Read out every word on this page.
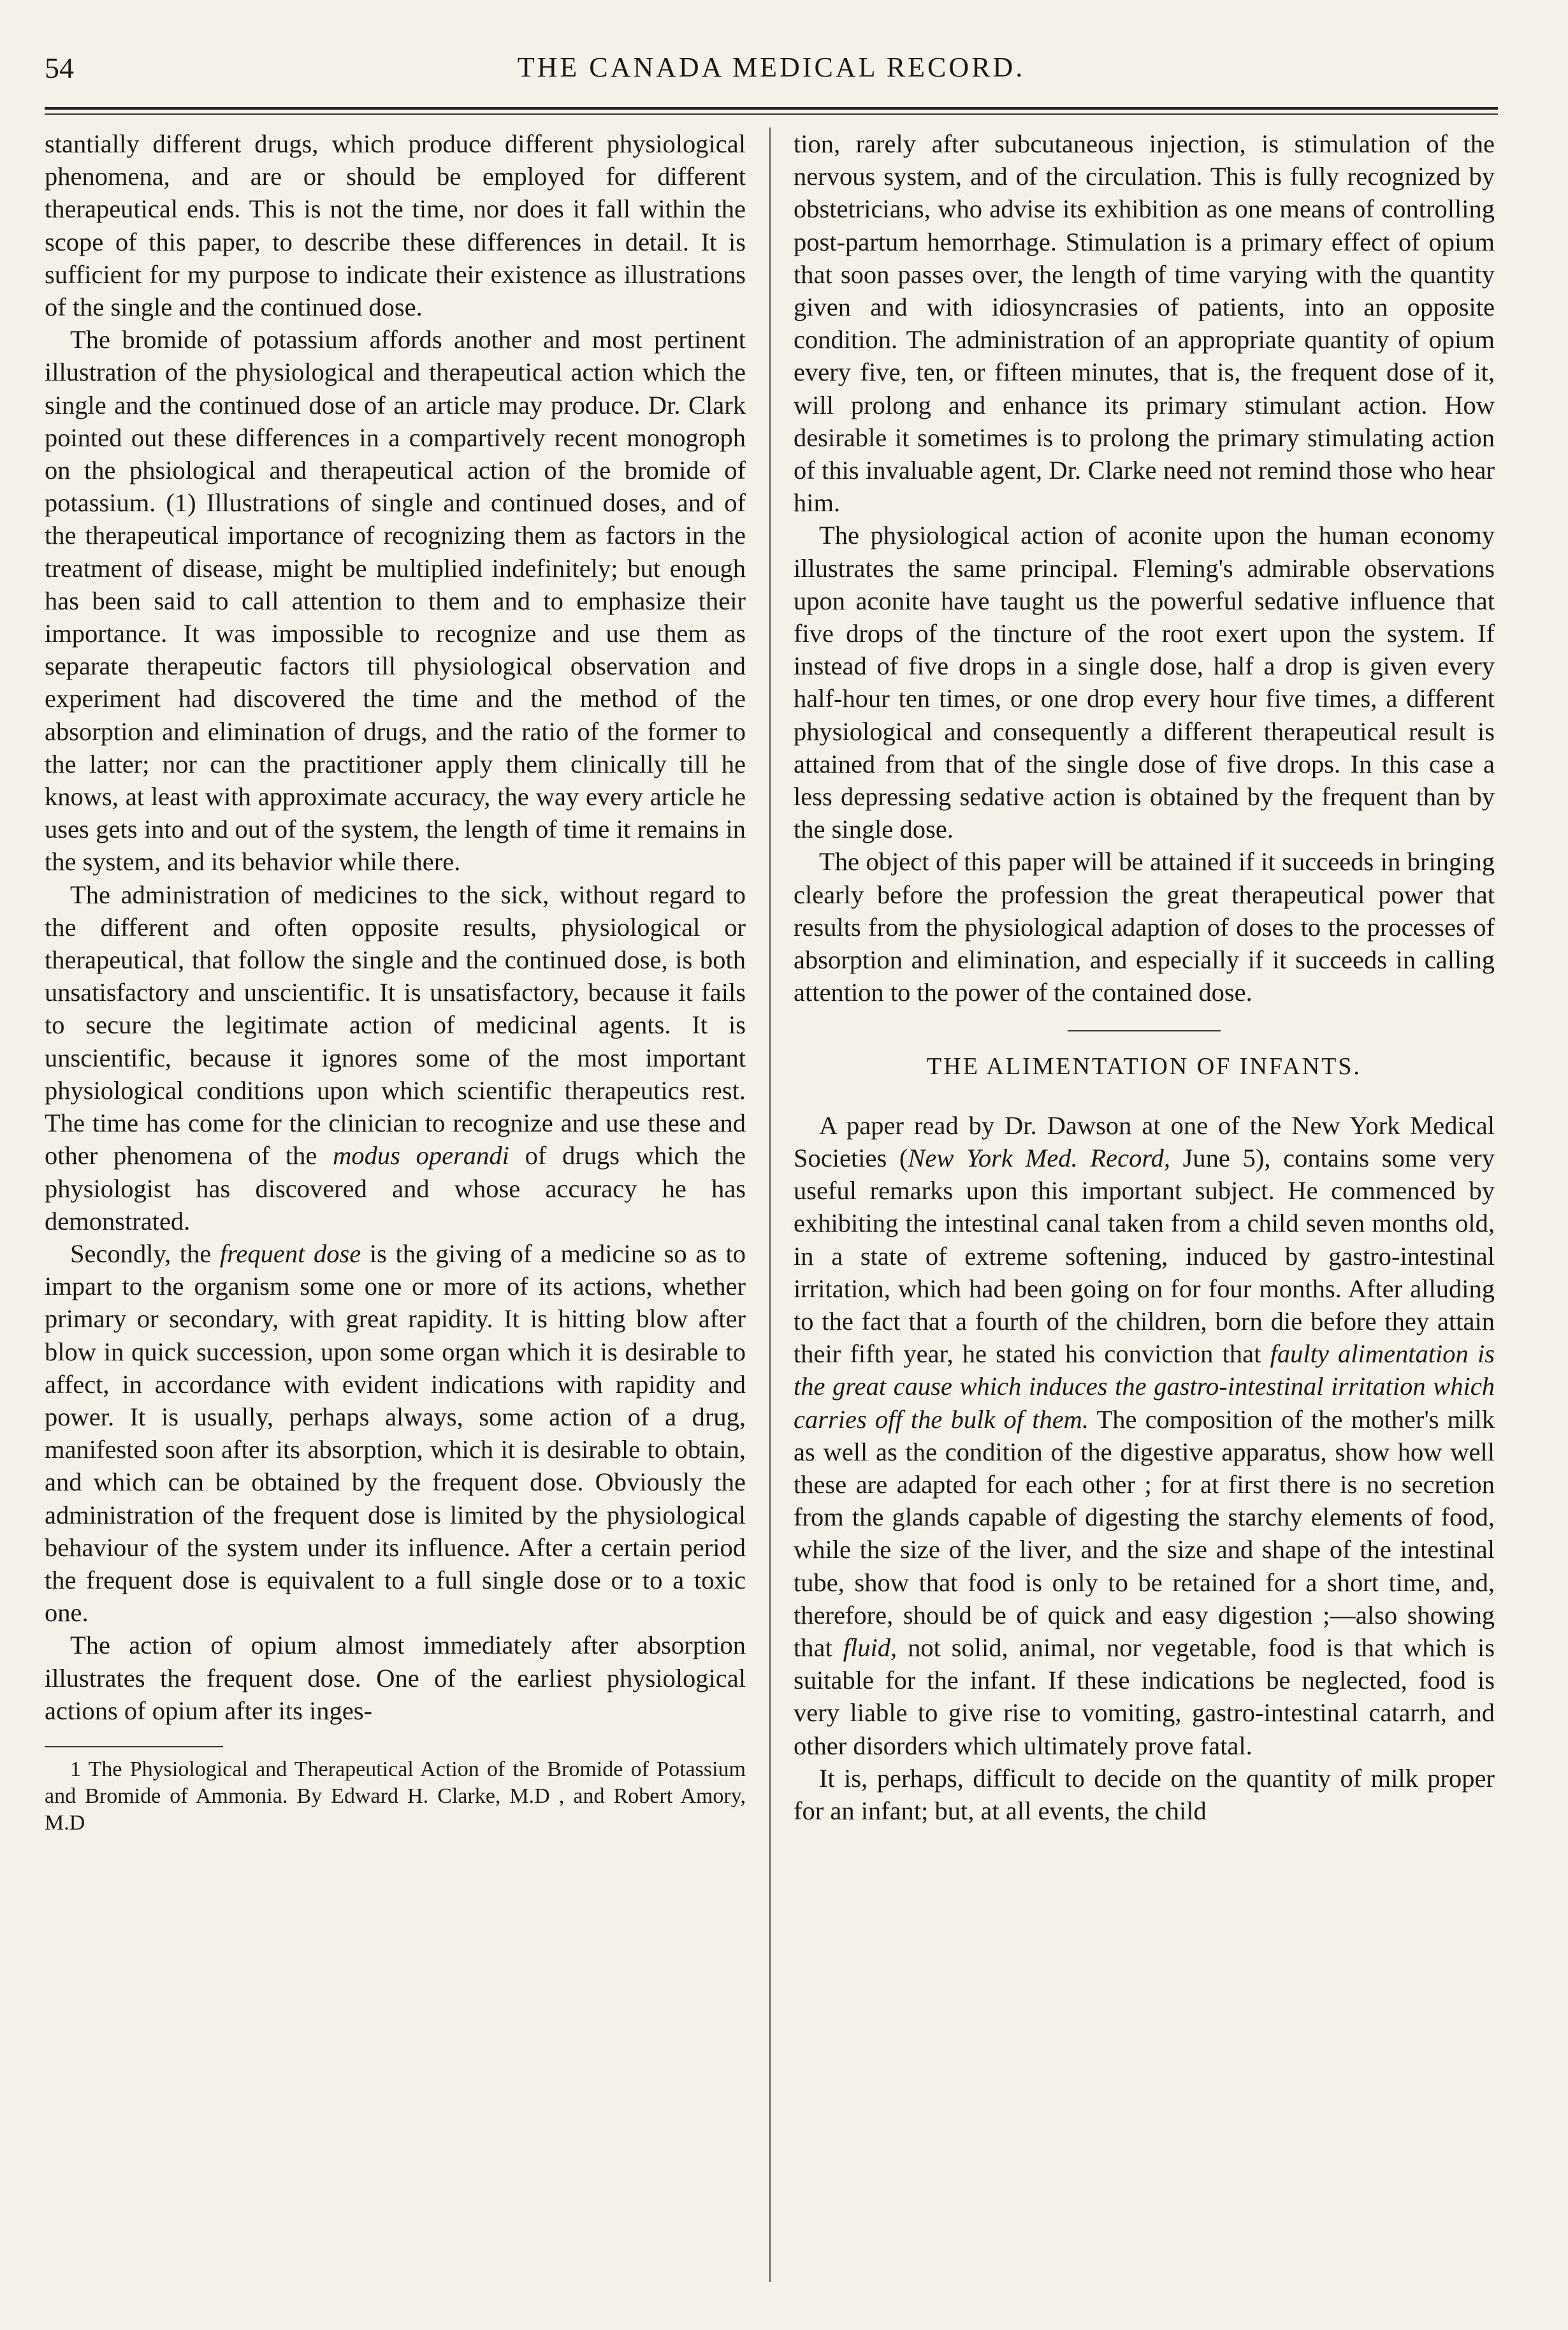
54	THE CANADA MEDICAL RECORD.

stantially different drugs, which produce different physiological phenomena, and are or should be employed for different therapeutical ends. This is not the time, nor does it fall within the scope of this paper, to describe these differences in detail. It is sufficient for my purpose to indicate their existence as illustrations of the single and the continued dose.

The bromide of potassium affords another and most pertinent illustration of the physiological and therapeutical action which the single and the continued dose of an article may produce. Dr. Clark pointed out these differences in a compartively recent monogroph on the phsiological and therapeutical action of the bromide of potassium. (1) Illustrations of single and continued doses, and of the therapeutical importance of recognizing them as factors in the treatment of disease, might be multiplied indefinitely; but enough has been said to call attention to them and to emphasize their importance. It was impossible to recognize and use them as separate therapeutic factors till physiological observation and experiment had discovered the time and the method of the absorption and elimination of drugs, and the ratio of the former to the latter; nor can the practitioner apply them clinically till he knows, at least with approximate accuracy, the way every article he uses gets into and out of the system, the length of time it remains in the system, and its behavior while there.

The administration of medicines to the sick, without regard to the different and often opposite results, physiological or therapeutical, that follow the single and the continued dose, is both unsatisfactory and unscientific. It is unsatisfactory, because it fails to secure the legitimate action of medicinal agents. It is unscientific, because it ignores some of the most important physiological conditions upon which scientific therapeutics rest. The time has come for the clinician to recognize and use these and other phenomena of the modus operandi of drugs which the physiologist has discovered and whose accuracy he has demonstrated.

Secondly, the frequent dose is the giving of a medicine so as to impart to the organism some one or more of its actions, whether primary or secondary, with great rapidity. It is hitting blow after blow in quick succession, upon some organ which it is desirable to affect, in accordance with evident indications with rapidity and power. It is usually, perhaps always, some action of a drug, manifested soon after its absorption, which it is desirable to obtain, and which can be obtained by the frequent dose. Obviously the administration of the frequent dose is limited by the physiological behaviour of the system under its influence. After a certain period the frequent dose is equivalent to a full single dose or to a toxic one.

The action of opium almost immediately after absorption illustrates the frequent dose. One of the earliest physiological actions of opium after its inges-

1 The Physiological and Therapeutical Action of the Bromide of Potassium and Bromide of Ammonia. By Edward H. Clarke, M.D , and Robert Amory, M.D

tion, rarely after subcutaneous injection, is stimulation of the nervous system, and of the circulation. This is fully recognized by obstetricians, who advise its exhibition as one means of controlling post-partum hemorrhage. Stimulation is a primary effect of opium that soon passes over, the length of time varying with the quantity given and with idiosyncrasies of patients, into an opposite condition. The administration of an appropriate quantity of opium every five, ten, or fifteen minutes, that is, the frequent dose of it, will prolong and enhance its primary stimulant action. How desirable it sometimes is to prolong the primary stimulating action of this invaluable agent, Dr. Clarke need not remind those who hear him.

The physiological action of aconite upon the human economy illustrates the same principal. Fleming's admirable observations upon aconite have taught us the powerful sedative influence that five drops of the tincture of the root exert upon the system. If instead of five drops in a single dose, half a drop is given every half-hour ten times, or one drop every hour five times, a different physiological and consequently a different therapeutical result is attained from that of the single dose of five drops. In this case a less depressing sedative action is obtained by the frequent than by the single dose.

The object of this paper will be attained if it succeeds in bringing clearly before the profession the great therapeutical power that results from the physiological adaption of doses to the processes of absorption and elimination, and especially if it succeeds in calling attention to the power of the contained dose.

THE ALIMENTATION OF INFANTS.

A paper read by Dr. Dawson at one of the New York Medical Societies (New York Med. Record, June 5), contains some very useful remarks upon this important subject. He commenced by exhibiting the intestinal canal taken from a child seven months old, in a state of extreme softening, induced by gastro-intestinal irritation, which had been going on for four months. After alluding to the fact that a fourth of the children, born die before they attain their fifth year, he stated his conviction that faulty alimentation is the great cause which induces the gastro-intestinal irritation which carries off the bulk of them. The composition of the mother's milk as well as the condition of the digestive apparatus, show how well these are adapted for each other ; for at first there is no secretion from the glands capable of digesting the starchy elements of food, while the size of the liver, and the size and shape of the intestinal tube, show that food is only to be retained for a short time, and, therefore, should be of quick and easy digestion ;—also showing that fluid, not solid, animal, nor vegetable, food is that which is suitable for the infant. If these indications be neglected, food is very liable to give rise to vomiting, gastro-intestinal catarrh, and other disorders which ultimately prove fatal.

It is, perhaps, difficult to decide on the quantity of milk proper for an infant; but, at all events, the child
